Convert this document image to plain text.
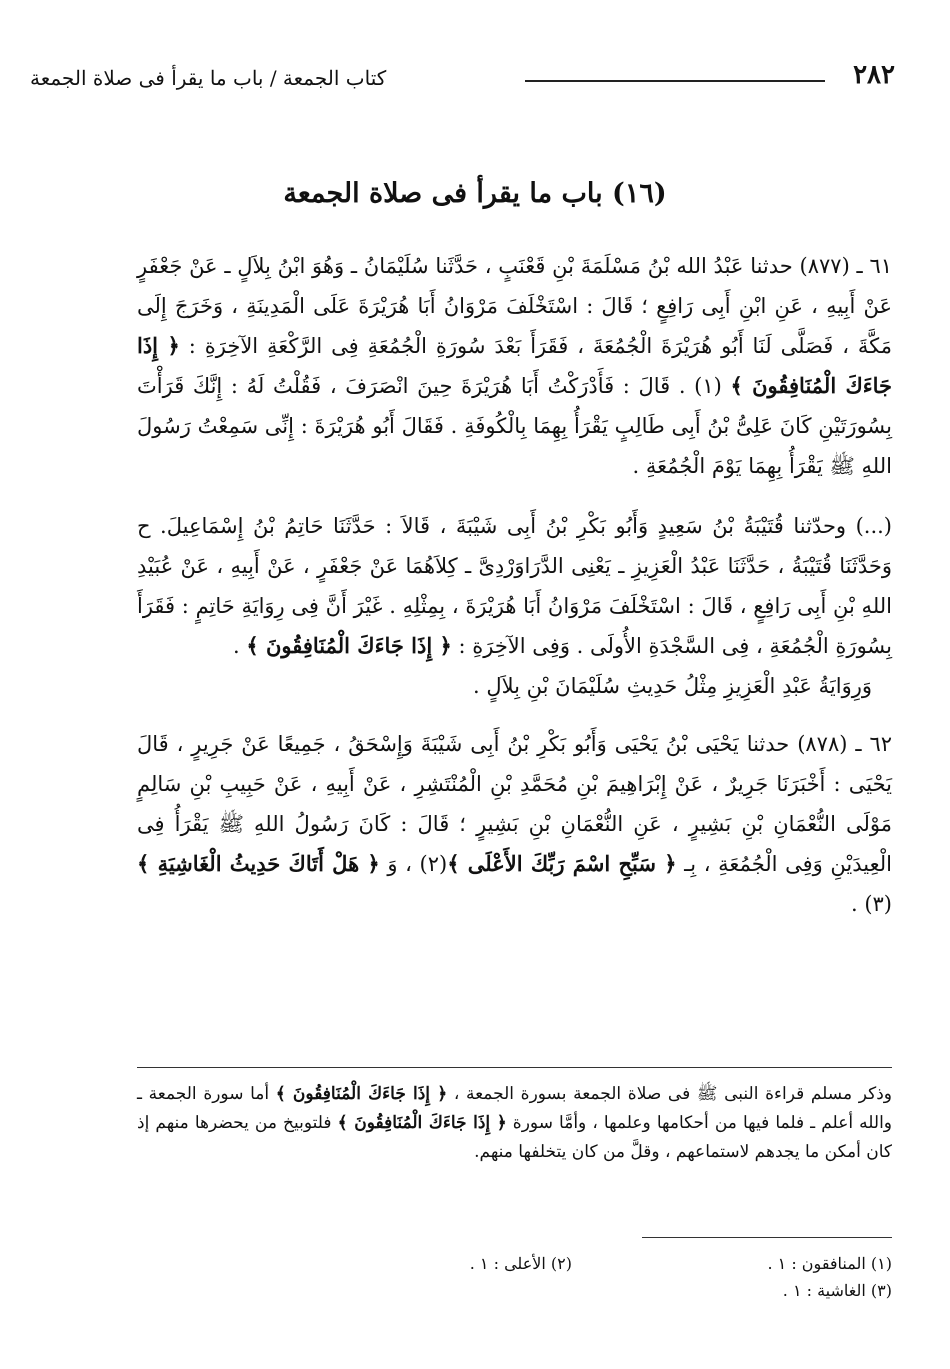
٢٨٢
كتاب الجمعة / باب ما يقرأ فى صلاة الجمعة
(١٦) باب ما يقرأ فى صلاة الجمعة

٦١ ـ (٨٧٧) حدثنا عَبْدُ الله بْنُ مَسْلَمَةَ بْنِ قَعْنَبٍ ، حَدَّثَنا سُلَيْمَانُ ـ وَهُوَ ابْنُ بِلاَلٍ ـ عَنْ جَعْفَرٍ عَنْ أَبِيهِ ، عَنِ ابْنِ أَبِى رَافِعٍ ؛ قَالَ : اسْتَخْلَفَ مَرْوَانُ أَبَا هُرَيْرَةَ عَلَى الْمَدِينَةِ ، وَخَرَجَ إِلَى مَكَّةَ ، فَصَلَّى لَنَا أَبُو هُرَيْرَةَ الْجُمُعَةَ ، فَقَرَأَ بَعْدَ سُورَةِ الْجُمُعَةِ فِى الرَّكْعَةِ الآخِرَةِ : ﴿ إِذَا جَاءَكَ الْمُنَافِقُونَ ﴾ (١) . قَالَ : فَأَدْرَكْتُ أَبَا هُرَيْرَةَ حِينَ انْصَرَفَ ، فَقُلْتُ لَهُ : إِنَّكَ قَرَأْتَ بِسُورَتَيْنِ كَانَ عَلِىُّ بْنُ أَبِى طَالِبٍ يَقْرَأُ بِهِمَا بِالْكُوفَةِ . فَقَالَ أَبُو هُرَيْرَةَ : إِنِّى سَمِعْتُ رَسُولَ اللهِ ﷺ يَقْرَأُ بِهِمَا يَوْمَ الْجُمُعَةِ .

(...) وحدّثنا قُتَيْبَةُ بْنُ سَعِيدٍ وَأَبُو بَكْرِ بْنُ أَبِى شَيْبَةَ ، قَالاَ : حَدَّثَنَا حَاتِمُ بْنُ إِسْمَاعِيلَ. ح وَحَدَّثَنَا قُتَيْبَةُ ، حَدَّثَنَا عَبْدُ الْعَزِيزِ ـ يَعْنِى الدَّرَاوَرْدِىَّ ـ كِلاَهُمَا عَنْ جَعْفَرٍ ، عَنْ أَبِيهِ ، عَنْ عُبَيْدِ اللهِ بْنِ أَبِى رَافِعٍ ، قَالَ : اسْتَخْلَفَ مَرْوَانُ أَبَا هُرَيْرَةَ ، بِمِثْلِهِ . غَيْرَ أَنَّ فِى رِوَايَةِ حَاتِمٍ : فَقَرَأَ بِسُورَةِ الْجُمُعَةِ ، فِى السَّجْدَةِ الأُولَى . وَفِى الآخِرَةِ : ﴿ إِذَا جَاءَكَ الْمُنَافِقُونَ ﴾ .

وَرِوَايَةُ عَبْدِ الْعَزِيزِ مِثْلُ حَدِيثِ سُلَيْمَانَ بْنِ بِلاَلٍ .

٦٢ ـ (٨٧٨) حدثنا يَحْيَى بْنُ يَحْيَى وَأَبُو بَكْرِ بْنُ أَبِى شَيْبَةَ وَإِسْحَقُ ، جَمِيعًا عَنْ جَرِيرٍ ، قَالَ يَحْيَى : أَخْبَرَنَا جَرِيرٌ ، عَنْ إِبْرَاهِيمَ بْنِ مُحَمَّدِ بْنِ الْمُنْتَشِرِ ، عَنْ أَبِيهِ ، عَنْ حَبِيبِ بْنِ سَالِمٍ مَوْلَى النُّعْمَانِ بْنِ بَشِيرٍ ، عَنِ النُّعْمَانِ بْنِ بَشِيرٍ ؛ قَالَ : كَانَ رَسُولُ اللهِ ﷺ يَقْرَأُ فِى الْعِيدَيْنِ وَفِى الْجُمُعَةِ ، بِـ ﴿ سَبِّحِ اسْمَ رَبِّكَ الأَعْلَى ﴾(٢) ، وَ ﴿ هَلْ أَتَاكَ حَدِيثُ الْغَاشِيَةِ ﴾ (٣) .

وذكر مسلم قراءة النبى ﷺ فى صلاة الجمعة بسورة الجمعة ، ﴿ إِذَا جَاءَكَ الْمُنَافِقُونَ ﴾ أما سورة الجمعة ـ والله أعلم ـ فلما فيها من أحكامها وعلمها ، وأمَّا سورة ﴿ إِذَا جَاءَكَ الْمُنَافِقُونَ ﴾ فلتوبيخ من يحضرها منهم إذ كان أمكن ما يجدهم لاستماعهم ، وقلَّ من كان يتخلفها منهم.

(١) المنافقون : ١ .
(٢) الأعلى : ١ .
(٣) الغاشية : ١ .
